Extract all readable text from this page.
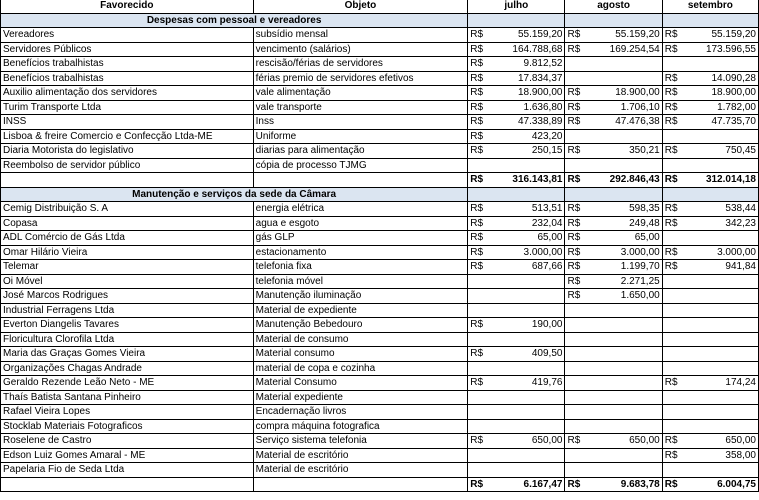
Favorecido	Objeto	julho	agosto	setembro
Despesas com pessoal e vereadores				
Vereadores	subsídio mensal	R$ 55.159,20	R$ 55.159,20	R$ 55.159,20

Servidores Públicos	vencimento (salários)	R$ 164.788,68	R$ 169.254,54	R$ 173.596,55

Benefícios trabalhistas	rescisão/férias de servidores	R$ 9.812,52		

Benefícios trabalhistas	férias premio de servidores efetivos	R$ 17.834,37		R$ 14.090,28

Auxilio alimentação dos servidores	vale alimentação	R$ 18.900,00	R$ 18.900,00	R$ 18.900,00

Turim Transporte Ltda	vale transporte	R$ 1.636,80	R$ 1.706,10	R$ 1.782,00

INSS	Inss	R$ 47.338,89	R$ 47.476,38	R$ 47.735,70

Lisboa & freire Comercio e Confecção Ltda-ME	Uniforme	R$ 423,20		

Diaria Motorista do legislativo	diarias para alimentação	R$ 250,15	R$ 350,21	R$ 750,45

Reembolso de servidor público	cópia de processo TJMG			

		R$ 316.143,81	R$ 292.846,43	R$ 312.014,18

Manutenção e serviços da sede da Câmara				
Cemig Distribuição S. A	energia elétrica	R$ 513,51	R$ 598,35	R$ 538,44

Copasa	agua e esgoto	R$ 232,04	R$ 249,48	R$ 342,23

ADL Comércio de Gás Ltda	gás GLP	R$ 65,00	R$ 65,00	

Omar Hilário Vieira	estacionamento	R$ 3.000,00	R$ 3.000,00	R$ 3.000,00

Telemar	telefonia fixa	R$ 687,66	R$ 1.199,70	R$ 941,84

Oi Móvel	telefonia móvel		R$ 2.271,25	

José Marcos Rodrigues	Manutenção iluminação		R$ 1.650,00	

Industrial Ferragens Ltda	Material de expediente			
Everton Diangelis Tavares	Manutenção Bebedouro	R$ 190,00		

Floricultura Clorofila Ltda	Material de consumo			
Maria das Graças Gomes Vieira	Material consumo	R$ 409,50		

Organizações Chagas Andrade	material de copa e cozinha			
Geraldo Rezende Leão Neto - ME	Material Consumo	R$ 419,76		R$ 174,24

Thaís Batista Santana Pinheiro	Material expediente			
Rafael Vieira Lopes	Encadernação livros			
Stocklab Materiais Fotograficos	compra máquina fotografica			
Roselene de Castro	Serviço sistema telefonia	R$ 650,00	R$ 650,00	R$ 650,00

Edson Luiz Gomes Amaral - ME	Material de escritório			R$ 358,00

Papelaria Fio de Seda Ltda	Material de escritório			

		R$ 6.167,47	R$ 9.683,78	R$ 6.004,75
